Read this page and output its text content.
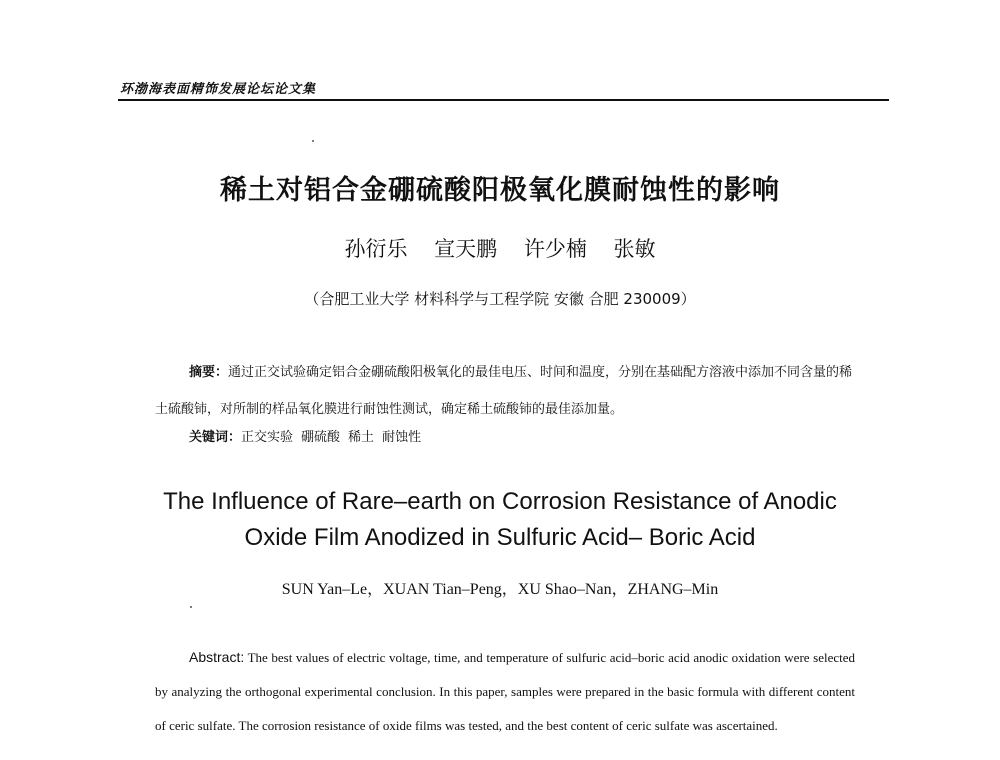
环渤海表面精饰发展论坛论文集
稀土对铝合金硼硫酸阳极氧化膜耐蚀性的影响
孙衍乐 宣天鹏 许少楠 张敏
（合肥工业大学 材料科学与工程学院 安徽 合肥 230009）
摘要：通过正交试验确定铝合金硼硫酸阳极氧化的最佳电压、时间和温度，分别在基础配方溶液中添加不同含量的稀土硫酸铈，对所制的样品氧化膜进行耐蚀性测试，确定稀土硫酸铈的最佳添加量。
关键词：正交实验 硼硫酸 稀土 耐蚀性
The Influence of Rare–earth on Corrosion Resistance of Anodic
Oxide Film Anodized in Sulfuric Acid– Boric Acid
SUN Yan–Le，XUAN Tian–Peng，XU Shao–Nan，ZHANG–Min
Abstract: The best values of electric voltage, time, and temperature of sulfuric acid–boric acid anodic oxidation were selected by analyzing the orthogonal experimental conclusion. In this paper, samples were prepared in the basic formula with different content of ceric sulfate. The corrosion resistance of oxide films was tested, and the best content of ceric sulfate was ascertained.
